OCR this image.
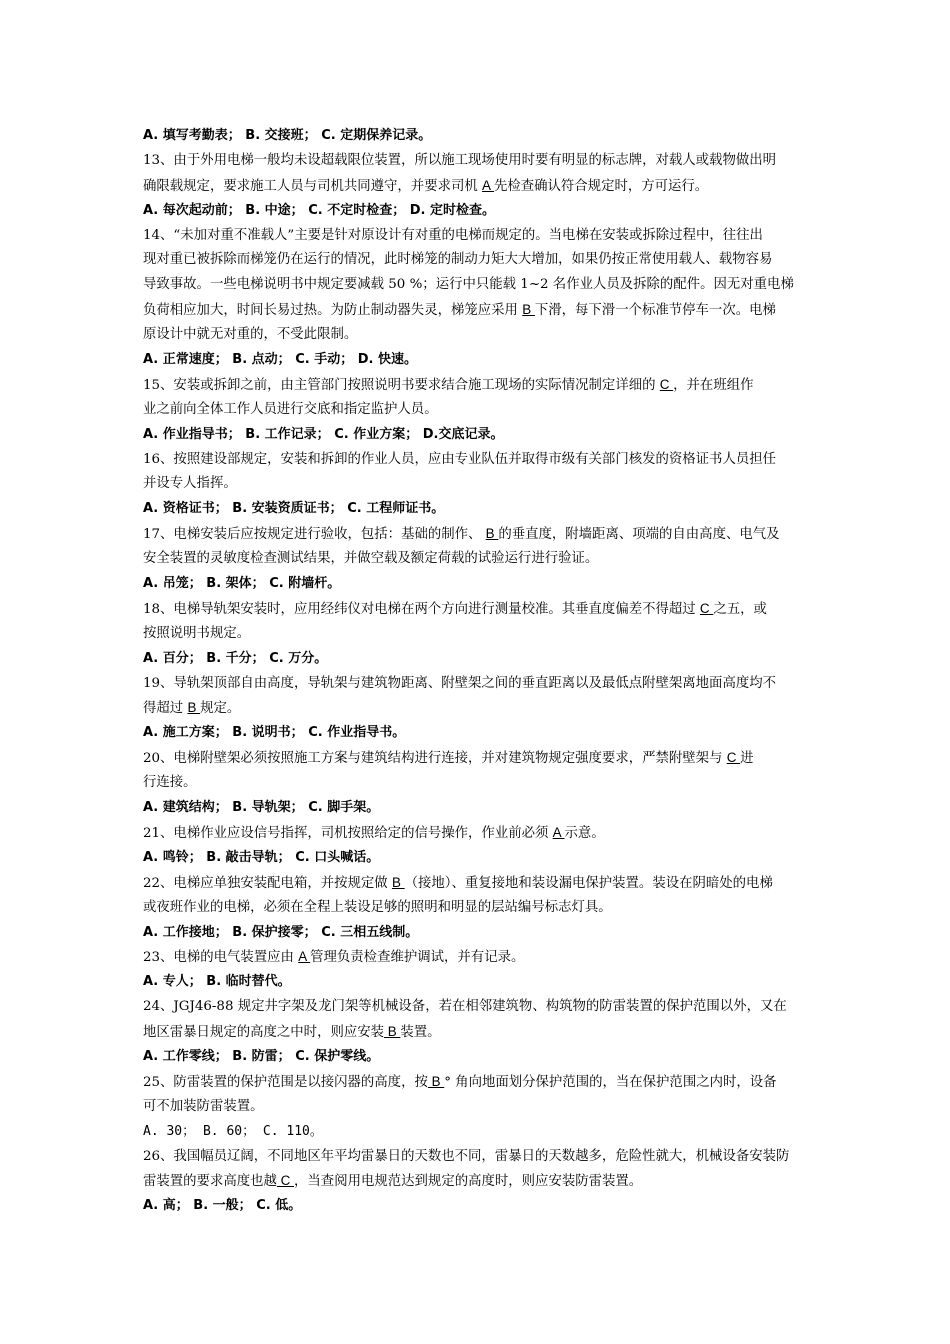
A. 填写考勤表； B. 交接班； C. 定期保养记录。
13、由于外用电梯一般均未设超载限位装置，所以施工现场使用时要有明显的标志牌，对载人或载物做出明
确限载规定，要求施工人员与司机共同遵守，并要求司机 A 先检查确认符合规定时，方可运行。
A. 每次起动前； B. 中途； C. 不定时检查； D. 定时检查。
14、“未加对重不准载人”主要是针对原设计有对重的电梯而规定的。当电梯在安装或拆除过程中，往往出
现对重已被拆除而梯笼仍在运行的情况，此时梯笼的制动力矩大大增加，如果仍按正常使用载人、载物容易
导致事故。一些电梯说明书中规定要减载 50 %；运行中只能载 1~2 名作业人员及拆除的配件。因无对重电梯
负荷相应加大，时间长易过热。为防止制动器失灵，梯笼应采用 B 下滑，每下滑一个标准节停车一次。电梯
原设计中就无对重的，不受此限制。
A. 正常速度； B. 点动； C. 手动； D. 快速。
15、安装或拆卸之前，由主管部门按照说明书要求结合施工现场的实际情况制定详细的 C ，并在班组作
业之前向全体工作人员进行交底和指定监护人员。
A. 作业指导书； B. 工作记录； C. 作业方案； D.交底记录。
16、按照建设部规定，安装和拆卸的作业人员，应由专业队伍并取得市级有关部门核发的资格证书人员担任
并设专人指挥。
A. 资格证书； B. 安装资质证书； C. 工程师证书。
17、电梯安装后应按规定进行验收，包括：基础的制作、 B 的垂直度，附墙距离、项端的自由高度、电气及
安全装置的灵敏度检查测试结果，并做空载及额定荷载的试验运行进行验证。
A. 吊笼； B. 架体； C. 附墙杆。
18、电梯导轨架安装时，应用经纬仪对电梯在两个方向进行测量校准。其垂直度偏差不得超过 C 之五，或
按照说明书规定。
A. 百分； B. 千分； C. 万分。
19、导轨架顶部自由高度，导轨架与建筑物距离、附壁架之间的垂直距离以及最低点附壁架离地面高度均不
得超过 B 规定。
A. 施工方案； B. 说明书； C. 作业指导书。
20、电梯附壁架必须按照施工方案与建筑结构进行连接，并对建筑物规定强度要求，严禁附壁架与 C 进
行连接。
A. 建筑结构； B. 导轨架； C. 脚手架。
21、电梯作业应设信号指挥，司机按照给定的信号操作，作业前必须 A 示意。
A. 鸣铃； B. 敲击导轨； C. 口头喊话。
22、电梯应单独安装配电箱，并按规定做 B （接地）、重复接地和装设漏电保护装置。装设在阴暗处的电梯
或夜班作业的电梯，必须在全程上装设足够的照明和明显的层站编号标志灯具。
A. 工作接地； B. 保护接零； C. 三相五线制。
23、电梯的电气装置应由 A 管理负责检查维护调试，并有记录。
A. 专人； B. 临时替代。
24、JGJ46-88 规定井字架及龙门架等机械设备，若在相邻建筑物、构筑物的防雷装置的保护范围以外，又在
地区雷暴日规定的高度之中时，则应安装 B 装置。
A. 工作零线； B. 防雷； C. 保护零线。
25、防雷装置的保护范围是以接闪器的高度，按 B ° 角向地面划分保护范围的，当在保护范围之内时，设备
可不加装防雷装置。
A. 30； B. 60； C. 110。
26、我国幅员辽阔，不同地区年平均雷暴日的天数也不同，雷暴日的天数越多，危险性就大，机械设备安装防
雷装置的要求高度也越 C ，当查阅用电规范达到规定的高度时，则应安装防雷装置。
A. 高； B. 一般； C. 低。
